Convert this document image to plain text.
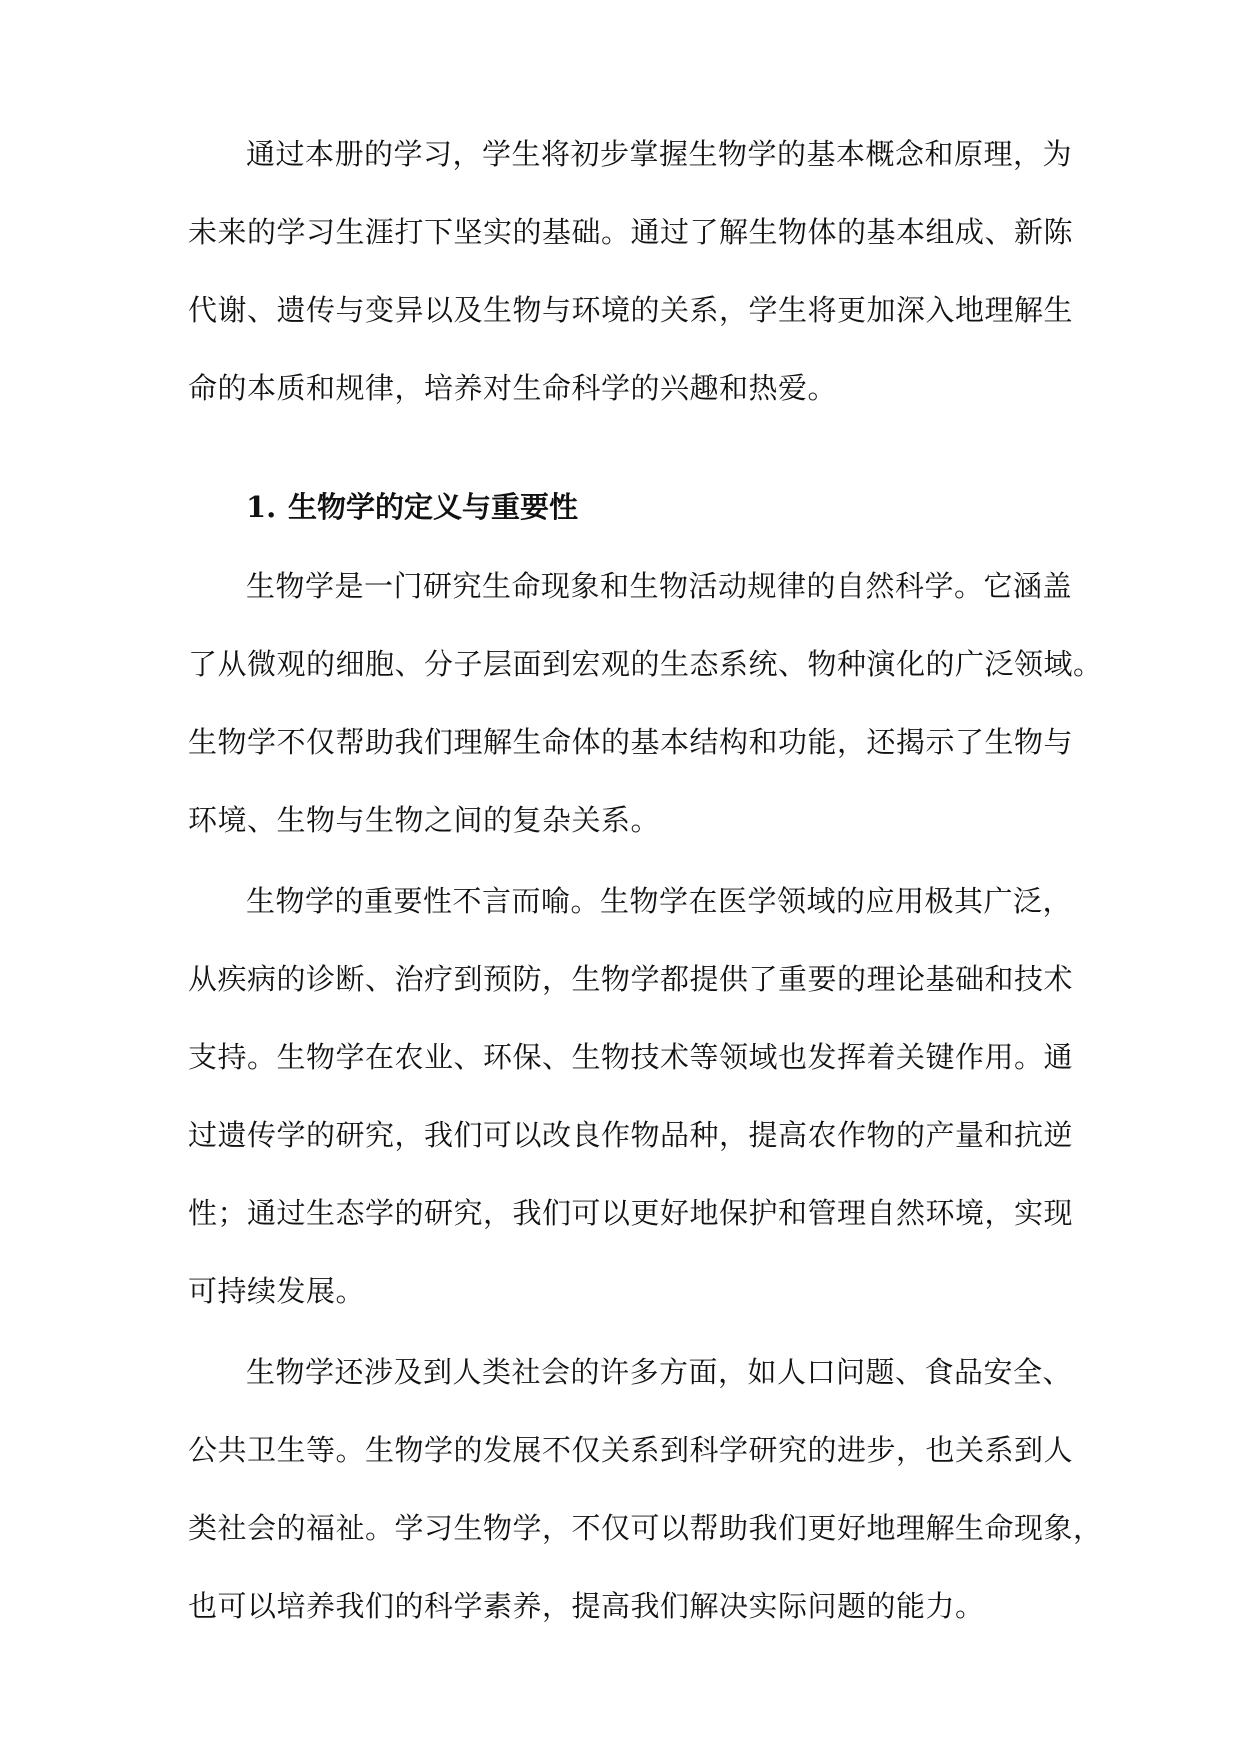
通过本册的学习，学生将初步掌握生物学的基本概念和原理，为
未来的学习生涯打下坚实的基础。通过了解生物体的基本组成、新陈
代谢、遗传与变异以及生物与环境的关系，学生将更加深入地理解生
命的本质和规律，培养对生命科学的兴趣和热爱。
1. 生物学的定义与重要性
生物学是一门研究生命现象和生物活动规律的自然科学。它涵盖
了从微观的细胞、分子层面到宏观的生态系统、物种演化的广泛领域。
生物学不仅帮助我们理解生命体的基本结构和功能，还揭示了生物与
环境、生物与生物之间的复杂关系。
生物学的重要性不言而喻。生物学在医学领域的应用极其广泛，
从疾病的诊断、治疗到预防，生物学都提供了重要的理论基础和技术
支持。生物学在农业、环保、生物技术等领域也发挥着关键作用。通
过遗传学的研究，我们可以改良作物品种，提高农作物的产量和抗逆
性；通过生态学的研究，我们可以更好地保护和管理自然环境，实现
可持续发展。
生物学还涉及到人类社会的许多方面，如人口问题、食品安全、
公共卫生等。生物学的发展不仅关系到科学研究的进步，也关系到人
类社会的福祉。学习生物学，不仅可以帮助我们更好地理解生命现象，
也可以培养我们的科学素养，提高我们解决实际问题的能力。
